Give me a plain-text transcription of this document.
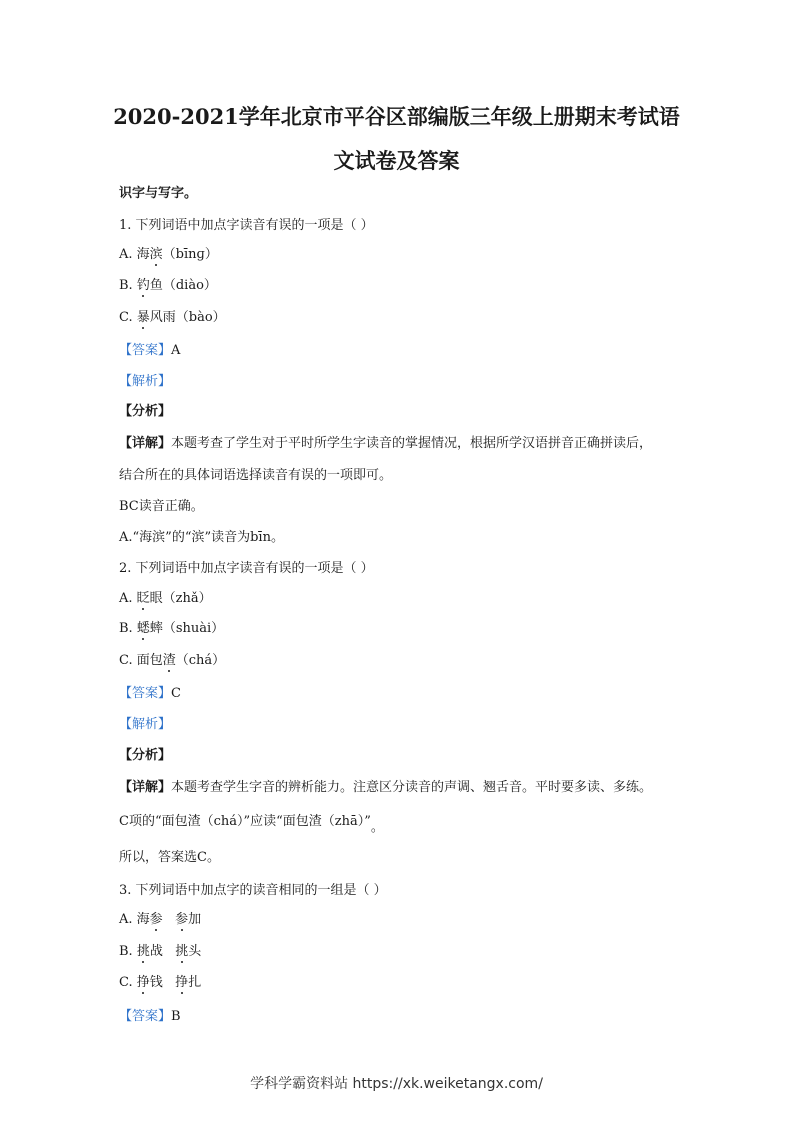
2020-2021学年北京市平谷区部编版三年级上册期末考试语
文试卷及答案
识字与写字。
1. 下列词语中加点字读音有误的一项是（ ）
A. 海滨（bīnɡ）
B. 钓鱼（diào）
C. 暴风雨（bào）
【答案】A
【解析】
【分析】
【详解】本题考查了学生对于平时所学生字读音的掌握情况，根据所学汉语拼音正确拼读后，
结合所在的具体词语选择读音有误的一项即可。
BC读音正确。
A.“海滨”的“滨”读音为bīn。
2. 下列词语中加点字读音有误的一项是（ ）
A. 眨眼（zhǎ）
B. 蟋蟀（shuài）
C. 面包渣（chá）
【答案】C
【解析】
【分析】
【详解】本题考查学生字音的辨析能力。注意区分读音的声调、翘舌音。平时要多读、多练。
C项的“面包渣（chá）”应读“面包渣（zhā）”。
所以，答案选C。
3. 下列词语中加点字的读音相同的一组是（ ）
A. 海参 参加
B. 挑战   挑头
C. 挣钱   挣扎
【答案】B
学科学霸资料站 https://xk.weiketangx.com/
